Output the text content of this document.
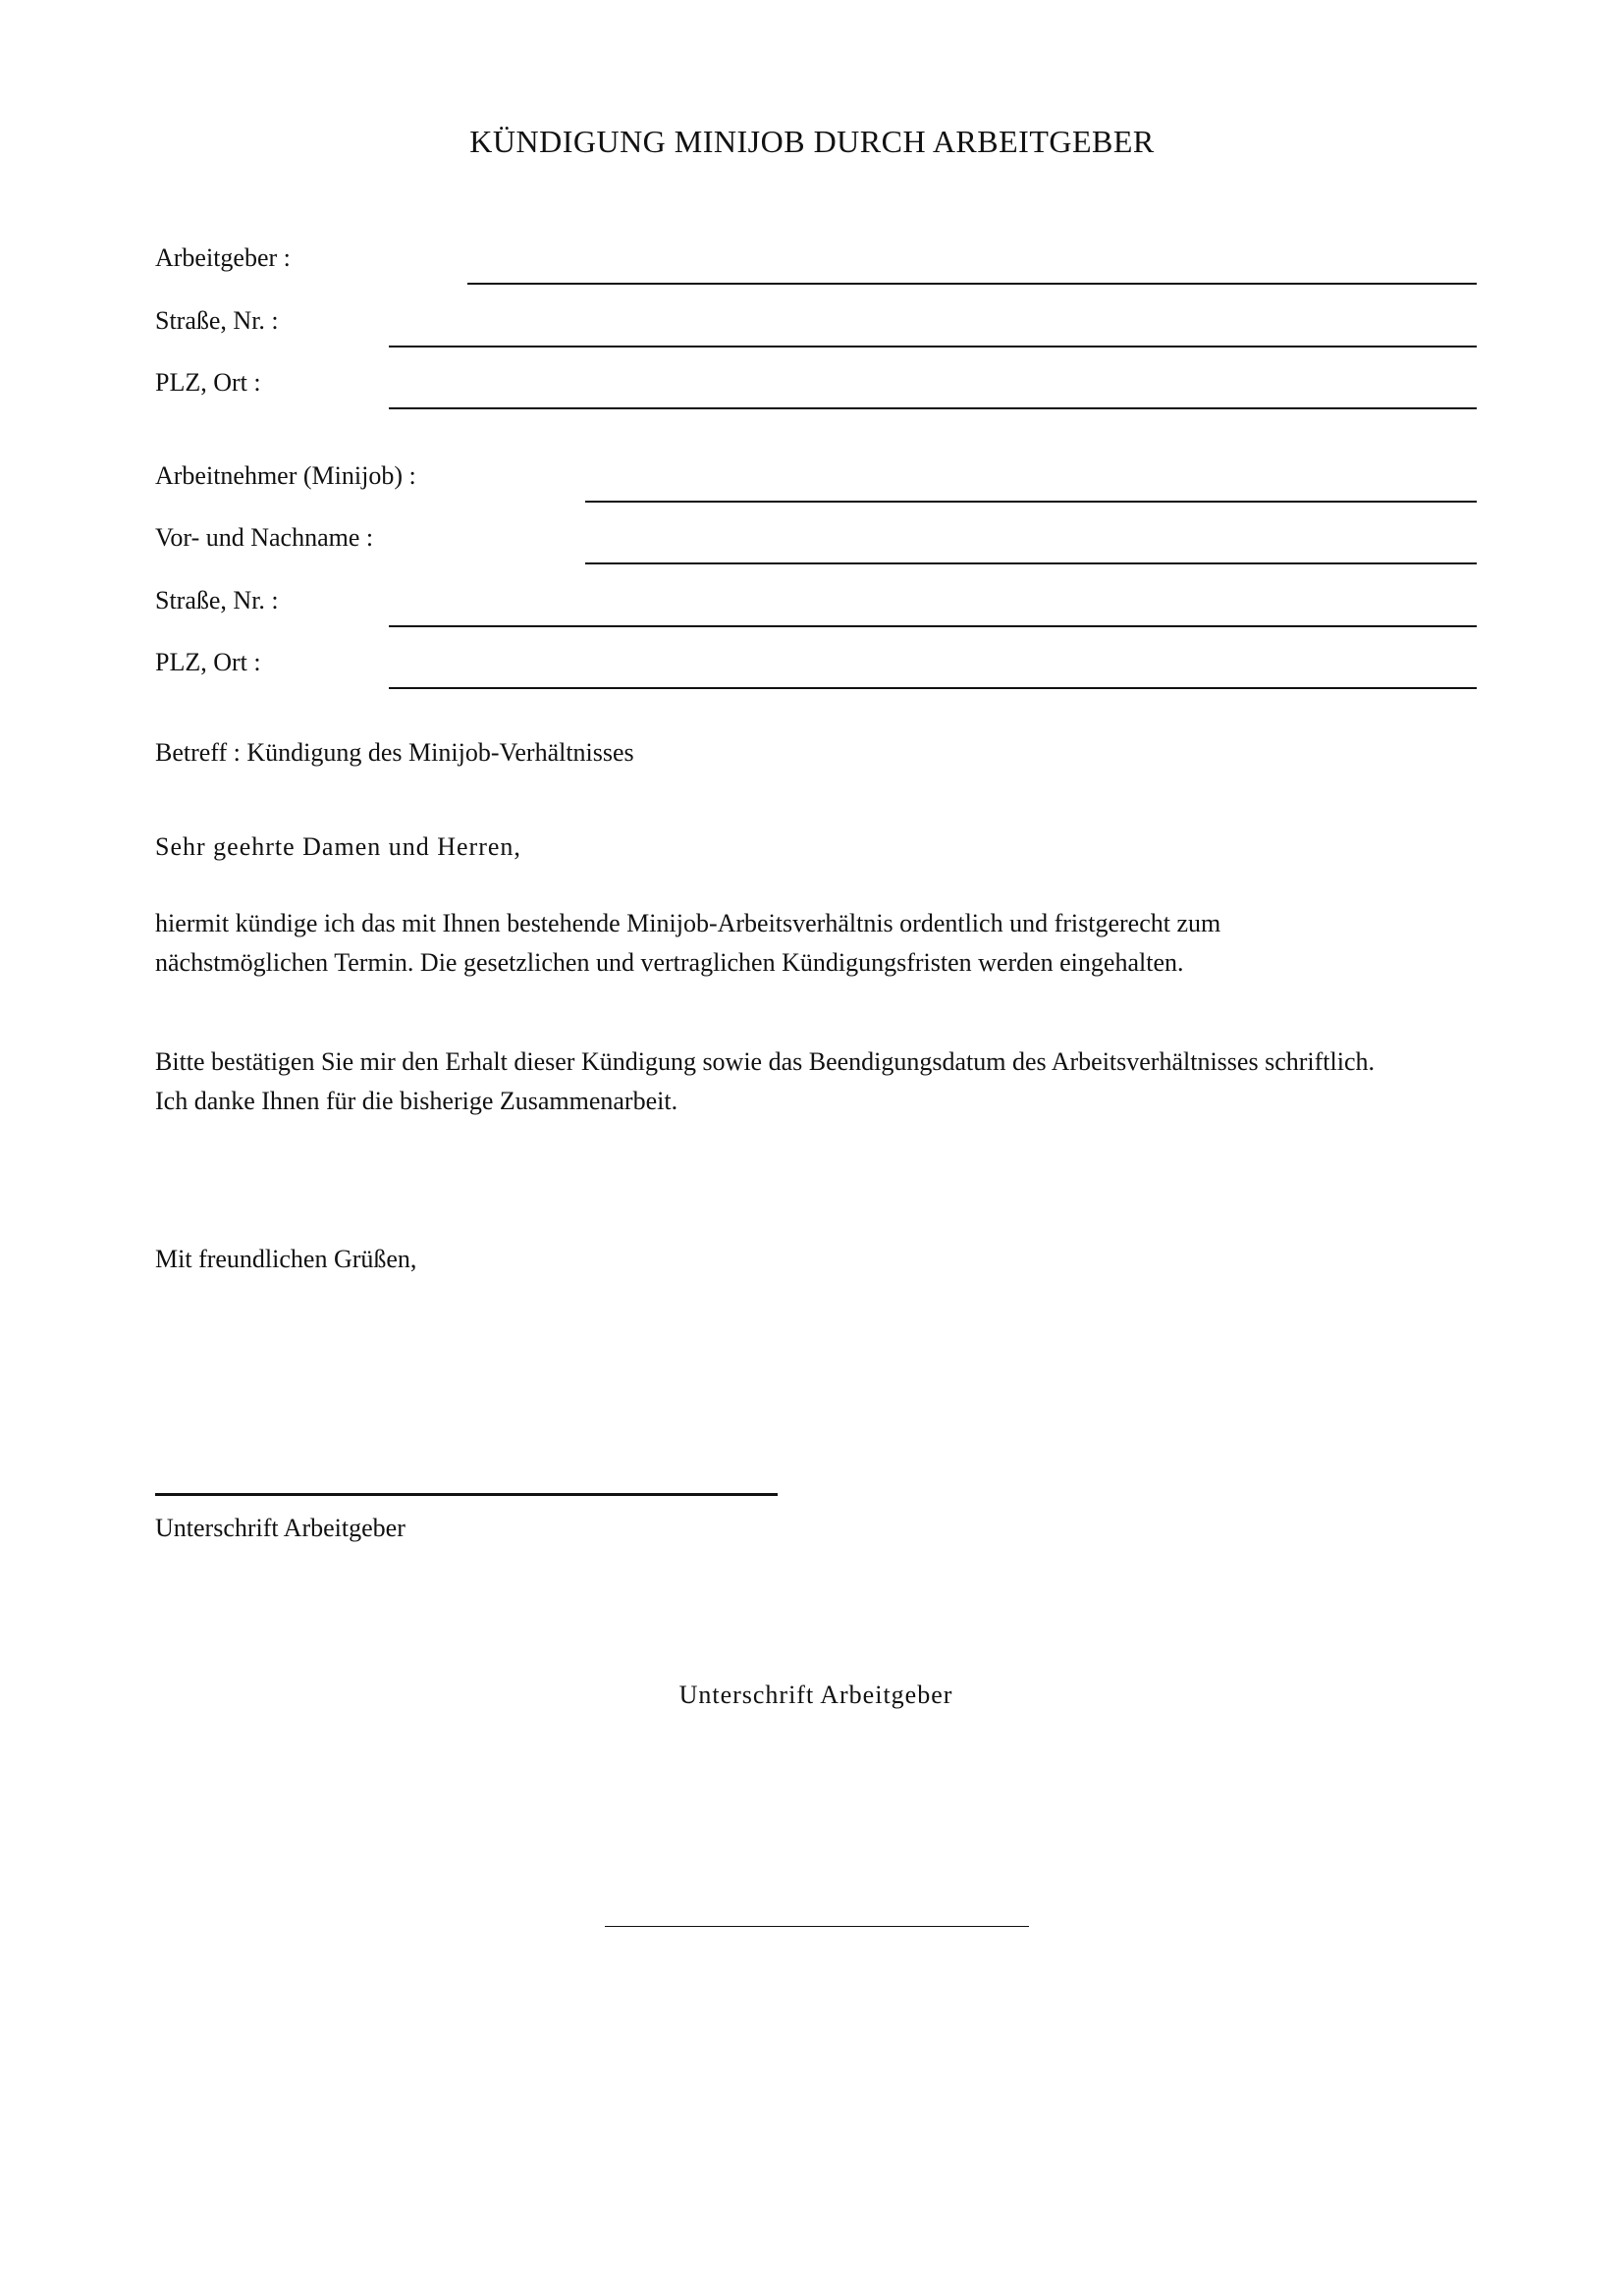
KÜNDIGUNG MINIJOB DURCH ARBEITGEBER
Arbeitgeber :
Straße, Nr. :
PLZ, Ort :
Arbeitnehmer (Minijob) :
Vor- und Nachname :
Straße, Nr. :
PLZ, Ort :
Betreff : Kündigung des Minijob-Verhältnisses
Sehr geehrte Damen und Herren,
hiermit kündige ich das mit Ihnen bestehende Minijob-Arbeitsverhältnis ordentlich und fristgerecht zum
nächstmöglichen Termin. Die gesetzlichen und vertraglichen Kündigungsfristen werden eingehalten.
Bitte bestätigen Sie mir den Erhalt dieser Kündigung sowie das Beendigungsdatum des Arbeitsverhältnisses schriftlich.
Ich danke Ihnen für die bisherige Zusammenarbeit.
Mit freundlichen Grüßen,
Unterschrift Arbeitgeber
Unterschrift Arbeitgeber
